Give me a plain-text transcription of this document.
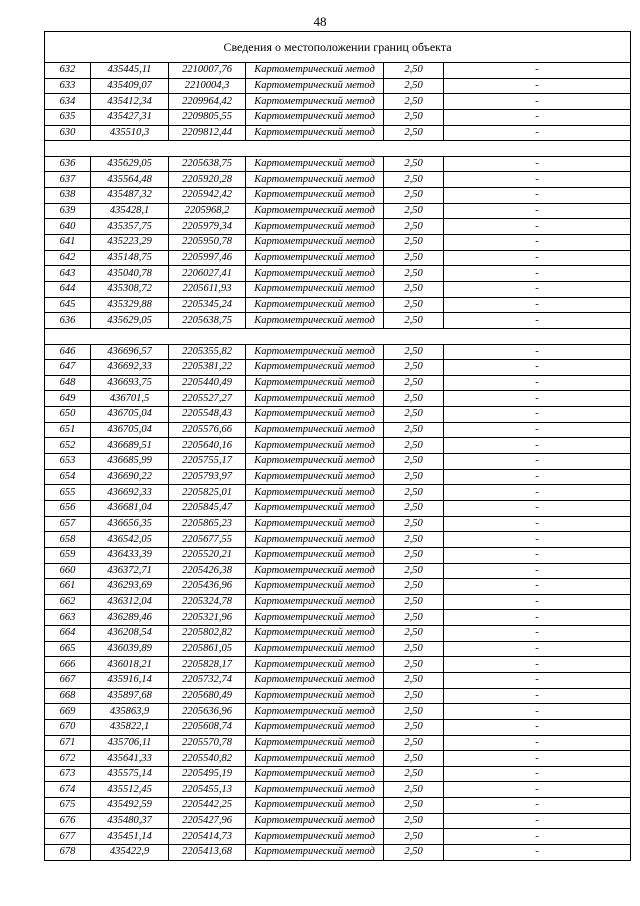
48
Сведения о местоположении границ объекта					
632	435445,11	2210007,76	Картометрический метод	2,50	-
633	435409,07	2210004,3	Картометрический метод	2,50	-
634	435412,34	2209964,42	Картометрический метод	2,50	-
635	435427,31	2209805,55	Картометрический метод	2,50	-
630	435510,3	2209812,44	Картометрический метод	2,50	-

636	435629,05	2205638,75	Картометрический метод	2,50	-
637	435564,48	2205920,28	Картометрический метод	2,50	-
638	435487,32	2205942,42	Картометрический метод	2,50	-
639	435428,1	2205968,2	Картометрический метод	2,50	-
640	435357,75	2205979,34	Картометрический метод	2,50	-
641	435223,29	2205950,78	Картометрический метод	2,50	-
642	435148,75	2205997,46	Картометрический метод	2,50	-
643	435040,78	2206027,41	Картометрический метод	2,50	-
644	435308,72	2205611,93	Картометрический метод	2,50	-
645	435329,88	2205345,24	Картометрический метод	2,50	-
636	435629,05	2205638,75	Картометрический метод	2,50	-

646	436696,57	2205355,82	Картометрический метод	2,50	-
647	436692,33	2205381,22	Картометрический метод	2,50	-
648	436693,75	2205440,49	Картометрический метод	2,50	-
649	436701,5	2205527,27	Картометрический метод	2,50	-
650	436705,04	2205548,43	Картометрический метод	2,50	-
651	436705,04	2205576,66	Картометрический метод	2,50	-
652	436689,51	2205640,16	Картометрический метод	2,50	-
653	436685,99	2205755,17	Картометрический метод	2,50	-
654	436690,22	2205793,97	Картометрический метод	2,50	-
655	436692,33	2205825,01	Картометрический метод	2,50	-
656	436681,04	2205845,47	Картометрический метод	2,50	-
657	436656,35	2205865,23	Картометрический метод	2,50	-
658	436542,05	2205677,55	Картометрический метод	2,50	-
659	436433,39	2205520,21	Картометрический метод	2,50	-
660	436372,71	2205426,38	Картометрический метод	2,50	-
661	436293,69	2205436,96	Картометрический метод	2,50	-
662	436312,04	2205324,78	Картометрический метод	2,50	-
663	436289,46	2205321,96	Картометрический метод	2,50	-
664	436208,54	2205802,82	Картометрический метод	2,50	-
665	436039,89	2205861,05	Картометрический метод	2,50	-
666	436018,21	2205828,17	Картометрический метод	2,50	-
667	435916,14	2205732,74	Картометрический метод	2,50	-
668	435897,68	2205680,49	Картометрический метод	2,50	-
669	435863,9	2205636,96	Картометрический метод	2,50	-
670	435822,1	2205608,74	Картометрический метод	2,50	-
671	435706,11	2205570,78	Картометрический метод	2,50	-
672	435641,33	2205540,82	Картометрический метод	2,50	-
673	435575,14	2205495,19	Картометрический метод	2,50	-
674	435512,45	2205455,13	Картометрический метод	2,50	-
675	435492,59	2205442,25	Картометрический метод	2,50	-
676	435480,37	2205427,96	Картометрический метод	2,50	-
677	435451,14	2205414,73	Картометрический метод	2,50	-
678	435422,9	2205413,68	Картометрический метод	2,50	-
